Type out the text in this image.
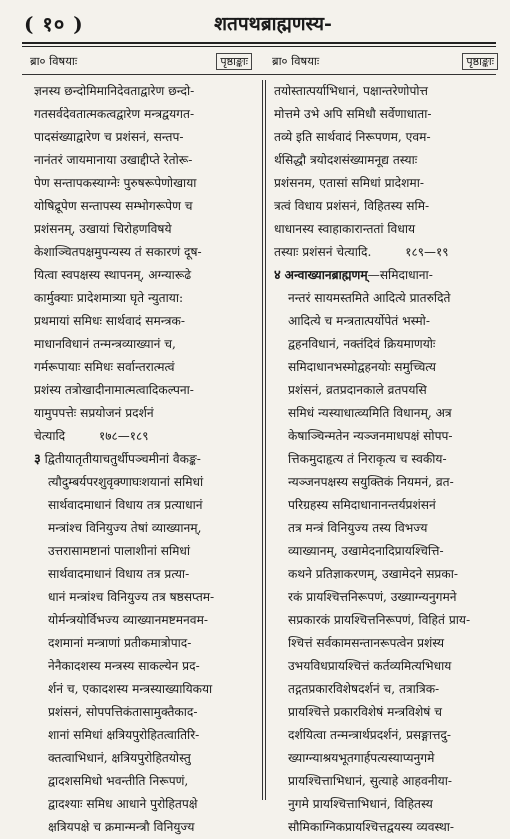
( १० )	शतपथब्राह्मणस्य-
ब्रा० विषयाः	पृष्ठाङ्काः	ब्रा० विषयाः	पृष्ठाङ्काः
ज्ञनस्य छन्दोमिमानिदेवताद्वारेण छन्दो-
गतसर्वदेवतात्मकत्वद्वारेण मन्त्रद्वयगत-
पादसंख्याद्वारेण च प्रशंसनं, सन्तप-
नानंतरं जायमानाया उखाद्दीप्ते रेतोरू-
पेण सन्तापकस्याग्नेः पुरुषरूपेणोखाया
योषिद्रूपेण सन्तापस्य सम्भोगरूपेण च
प्रशंसनम्, उखायां चिरोहणविषये
केशाञ्चितपक्षमुपन्यस्य तं सकारणं दूष-
यित्वा स्वपक्षस्य स्थापनम्, अग्न्यारूढे
कार्मुक्याः प्रादेशमात्र्या घृते न्युताया:
प्रथमायां समिधः सार्थवादं समन्त्रक-
माधानविधानं तन्मन्त्रव्याख्यानं च,
गर्मरूपायाः समिधः सर्वान्तरात्मत्वं
प्रशंस्य तत्रोखादीनामात्मत्वादिकल्पना-
यामुपपत्तेः सप्रयोजनं प्रदर्शनं
चेत्यादि	१७८—१८९
३ द्वितीयातृतीयाचतुर्थीपञ्चमीनां वैकङ्क-
त्यौदुम्बर्यपरशुवृक्णाघःशयानां समिधां
सार्थवादमाधानं विधाय तत्र प्रत्याधानं
मन्त्रांश्च विनियुज्य तेषां व्याख्यानम्,
उत्तरासामष्टानां पालाशीनां समिधां
सार्थवादमाधानं विधाय तत्र प्रत्या-
धानं मन्त्रांश्च विनियुज्य तत्र षष्ठसप्तम-
योर्मन्त्रयोर्विभज्य व्याख्यानमष्टमनवम-
दशमानां मन्त्राणां प्रतीकमात्रोपाद-
नेनैकादशस्य मन्त्रस्य साकल्येन प्रद-
र्शनं च, एकादशस्य मन्त्रस्याख्यायिकया
प्रशंसनं, सोपपत्तिकंतासामुक्तैकाद-
शानां समिधां क्षत्रियपुरोहितत्वातिरि-
क्तत्वाभिधानं, क्षत्रियपुरोहितयोस्तु
द्वादशसमिधो भवन्तीति निरूपणं,
द्वादश्याः समिध आधाने पुरोहितपक्षे
क्षत्रियपक्षे च क्रमान्मन्त्रौ विनियुज्य
तयोस्तात्पर्याभिधानं, पक्षान्तरेणोपोत्त
मोत्तमे उभे अपि समिधौ सर्वेणाधाता-
तव्ये इति सार्थवादं निरूपणम, एवम-
र्थसिद्धौ त्रयोदशसंख्यामनूद्य तस्याः
प्रशंसनम, एतासां समिधां प्रादेशमा-
त्रत्वं विधाय प्रशंसनं, विहितस्य समि-
धाधानस्य स्वाहाकारान्ततां विधाय
तस्याः प्रशंसनं चेत्यादि.	१८९—१९
४ अन्वाख्यानब्राह्मणम्—समिदाधाना-
नन्तरं सायमस्तमिते आदित्ये प्रातरुदिते
आदित्ये च मन्त्रतात्पर्योपेतं भस्मो-
द्वहनविधानं, नक्तंदिवं क्रियमाणयोः
समिदाधानभस्मोद्वहनयोः समुच्चित्य
प्रशंसनं, व्रतप्रदानकाले व्रतपयसि
समिधं न्यस्याधात्व्यमिति विधानम्, अत्र
केषाञ्चिन्मतेन न्यञ्जनमाधपक्षं सोपप-
त्तिकमुदाहृत्य तं निराकृत्य च स्वकीय-
न्यञ्जनपक्षस्य सयुक्तिकं नियमनं, व्रत-
परिग्रहस्य समिदाधानानन्तर्यप्रशंसनं
तत्र मन्त्रं विनियुज्य तस्य विभज्य
व्याख्यानम्, उखामेदनादिप्रायश्चित्ति-
कथने प्रतिज्ञाकरणम्, उखामेदने सप्रका-
रकं प्रायश्चित्तनिरूपणं, उख्याग्न्यनुगमने
सप्रकारकं प्रायश्चित्तनिरूपणं, विहितं प्राय-
श्चित्तं सर्वकामसन्तानरूपत्वेन प्रशंस्य
उभयविधप्रायश्चित्तं कर्तव्यमित्यभिधाय
तद्गतप्रकारविशेषदर्शनं च, तत्रात्रिक-
प्रायश्चित्ते प्रकारविशेषं मन्त्रविशेषं च
दर्शयित्वा तन्मन्त्रार्थप्रदर्शनं, प्रसङ्गात्तदु-
ख्याग्न्याश्रयभूतगार्हपत्यस्याप्यनुगमे
प्रायश्चित्ताभिधानं, सुत्याहे आहवनीया-
नुगमे प्रायश्चित्ताभिधानं, विहितस्य
सौमिकाग्निकप्रायश्चित्तद्वयस्य व्यवस्था-
